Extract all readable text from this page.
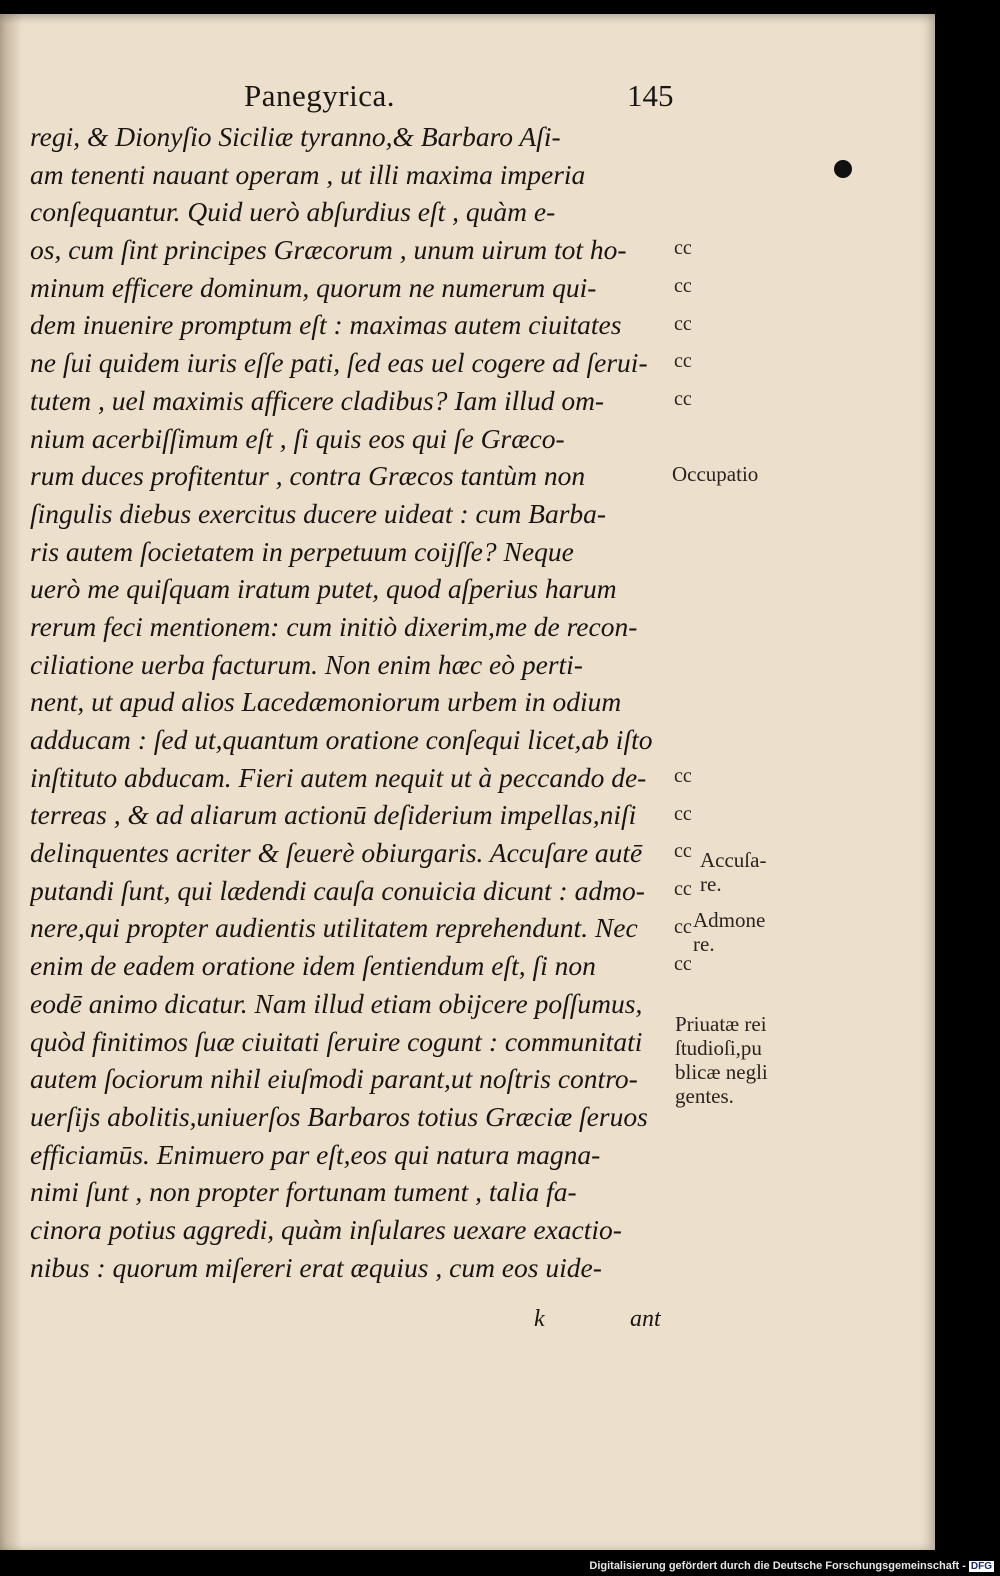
Panegyrica.	145
regi, & Dionyſio Siciliæ tyranno,& Barbaro Aſi-
am tenenti nauant operam , ut illi maxima imperia
conſequantur. Quid uerò abſurdius eſt , quàm e-
os, cum ſint principes Græcorum , unum uirum tot ho-
minum efficere dominum, quorum ne numerum qui-
dem inuenire promptum eſt : maximas autem ciuitates
ne ſui quidem iuris eſſe pati, ſed eas uel cogere ad ſerui-
tutem , uel maximis afficere cladibus? Iam illud om-
nium acerbiſſimum eſt , ſi quis eos qui ſe Græco-
rum duces profitentur , contra Græcos tantùm non
ſingulis diebus exercitus ducere uideat : cum Barba-
ris autem ſocietatem in perpetuum coijſſe? Neque
uerò me quiſquam iratum putet, quod aſperius harum
rerum feci mentionem: cum initiò dixerim,me de recon-
ciliatione uerba facturum. Non enim hæc eò perti-
nent, ut apud alios Lacedæmoniorum urbem in odium
adducam : ſed ut,quantum oratione conſequi licet,ab iſto
inſtituto abducam. Fieri autem nequit ut à peccando de-
terreas , & ad aliarum actionū deſiderium impellas,niſi
delinquentes acriter & ſeuerè obiurgaris. Accuſare autē
putandi ſunt, qui lædendi cauſa conuicia dicunt : admo-
nere,qui propter audientis utilitatem reprehendunt. Nec
enim de eadem oratione idem ſentiendum eſt, ſi non
eodē animo dicatur. Nam illud etiam obijcere poſſumus,
quòd finitimos ſuæ ciuitati ſeruire cogunt : communitati
autem ſociorum nihil eiuſmodi parant,ut noſtris contro-
uerſijs abolitis,uniuerſos Barbaros totius Græciæ ſeruos
efficiamūs. Enimuero par eſt,eos qui natura magna-
nimi ſunt , non propter fortunam tument , talia fa-
cinora potius aggredi, quàm inſulares uexare exactio-
nibus : quorum miſereri erat æquius , cum eos uide-
cc
cc
cc
cc
cc
cc
cc
cc
cc
cc
cc
Occupatio
Accuſa-
re.
Admone
re.
Priuatæ rei
ſtudioſi,pu
blicæ negli
gentes.
k	ant
Digitalisierung gefördert durch die Deutsche Forschungsgemeinschaft - DFG
